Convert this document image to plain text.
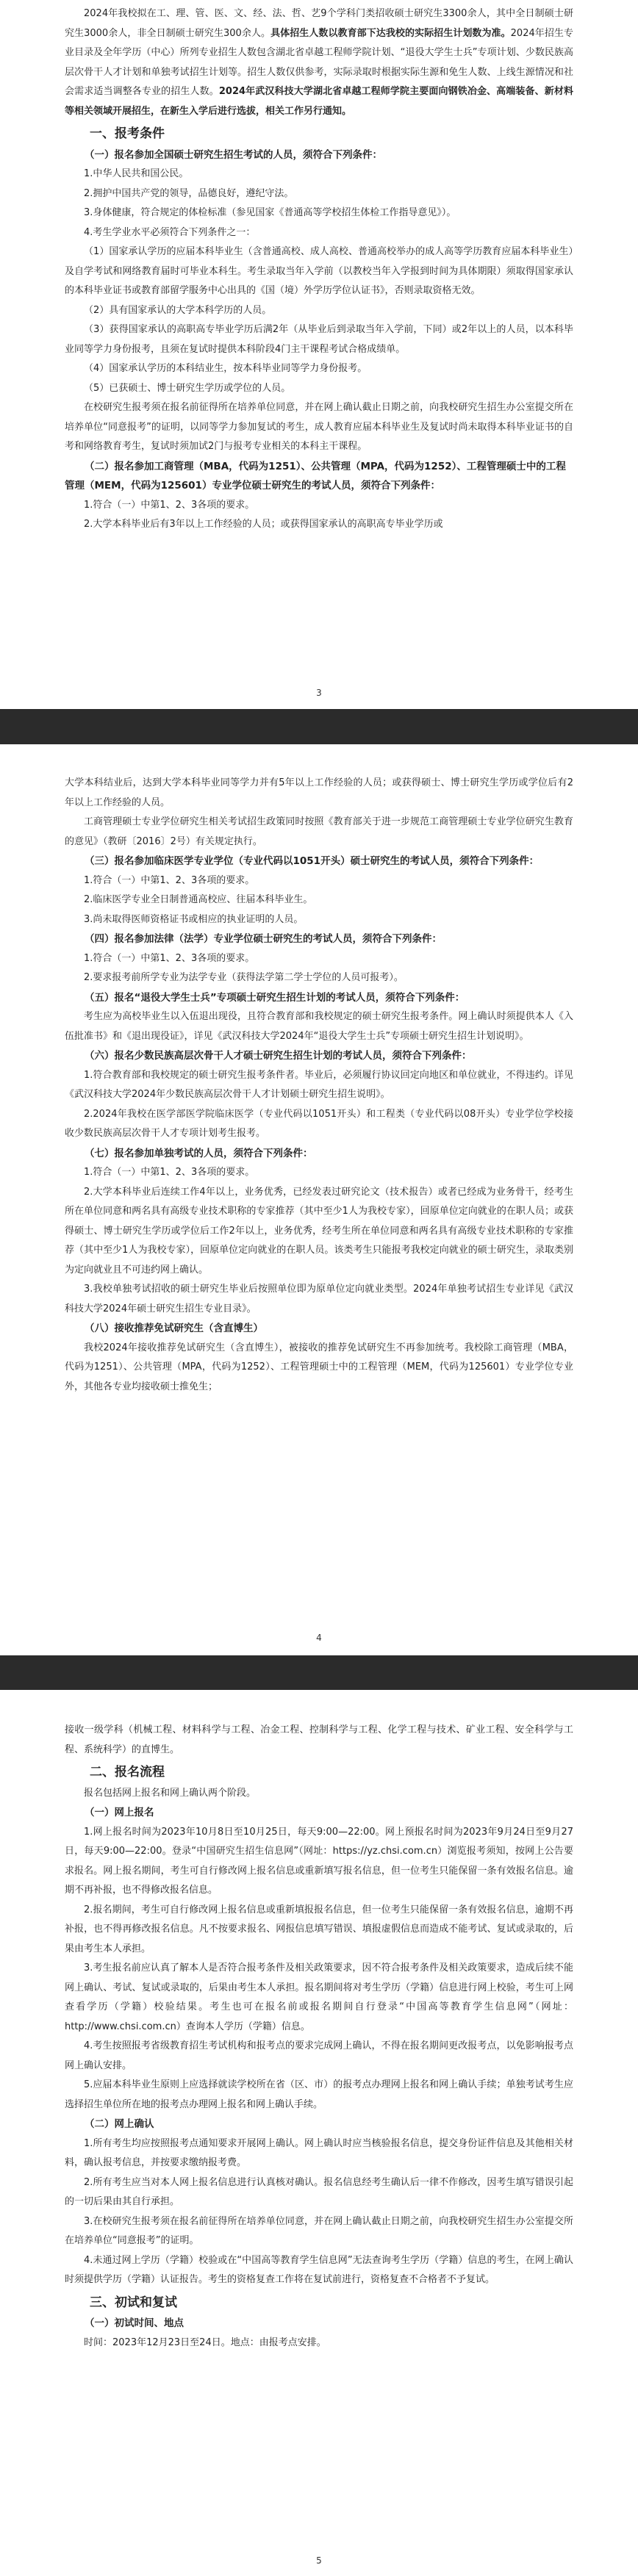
2024年我校拟在工、理、管、医、文、经、法、哲、艺9个学科门类招收硕士研究生3300余人，其中全日制硕士研究生3000余人，非全日制硕士研究生300余人。具体招生人数以教育部下达我校的实际招生计划数为准。2024年招生专业目录及全年学历（中心）所列专业招生人数包含湖北省卓越工程师学院计划、“退役大学生士兵”专项计划、少数民族高层次骨干人才计划和单独考试招生计划等。招生人数仅供参考，实际录取时根据实际生源和免生人数、上线生源情况和社会需求适当调整各专业的招生人数。2024年武汉科技大学湖北省卓越工程师学院主要面向钢铁冶金、高端装备、新材料等相关领域开展招生，在新生入学后进行选拔，相关工作另行通知。

一、报考条件
（一）报名参加全国硕士研究生招生考试的人员，须符合下列条件：

1.中华人民共和国公民。

2.拥护中国共产党的领导，品德良好，遵纪守法。

3.身体健康，符合规定的体检标准（参见国家《普通高等学校招生体检工作指导意见》）。

4.考生学业水平必须符合下列条件之一：

（1）国家承认学历的应届本科毕业生（含普通高校、成人高校、普通高校举办的成人高等学历教育应届本科毕业生）及自学考试和网络教育届时可毕业本科生。考生录取当年入学前（以教校当年入学报到时间为具体期限）须取得国家承认的本科毕业证书或教育部留学服务中心出具的《国（境）外学历学位认证书》，否则录取资格无效。

（2）具有国家承认的大学本科学历的人员。

（3）获得国家承认的高职高专毕业学历后满2年（从毕业后到录取当年入学前，下同）或2年以上的人员，以本科毕业同等学力身份报考，且须在复试时提供本科阶段4门主干课程考试合格成绩单。

（4）国家承认学历的本科结业生，按本科毕业同等学力身份报考。

（5）已获硕士、博士研究生学历或学位的人员。

在校研究生报考须在报名前征得所在培养单位同意，并在网上确认截止日期之前，向我校研究生招生办公室提交所在培养单位“同意报考”的证明，以同等学力参加复试的考生，成人教育应届本科毕业生及复试时尚未取得本科毕业证书的自考和网络教育考生，复试时须加试2门与报考专业相关的本科主干课程。

（二）报名参加工商管理（MBA，代码为1251）、公共管理（MPA，代码为1252）、工程管理硕士中的工程管理（MEM，代码为125601）专业学位硕士研究生的考试人员，须符合下列条件：

1.符合（一）中第1、2、3各项的要求。

2.大学本科毕业后有3年以上工作经验的人员；或获得国家承认的高职高专毕业学历或

3

大学本科结业后，达到大学本科毕业同等学力并有5年以上工作经验的人员；或获得硕士、博士研究生学历或学位后有2年以上工作经验的人员。

工商管理硕士专业学位研究生相关考试招生政策同时按照《教育部关于进一步规范工商管理硕士专业学位研究生教育的意见》（教研〔2016〕2号）有关规定执行。

（三）报名参加临床医学专业学位（专业代码以1051开头）硕士研究生的考试人员，须符合下列条件：

1.符合（一）中第1、2、3各项的要求。

2.临床医学专业全日制普通高校应、往届本科毕业生。

3.尚未取得医师资格证书或相应的执业证明的人员。

（四）报名参加法律（法学）专业学位硕士研究生的考试人员，须符合下列条件：

1.符合（一）中第1、2、3各项的要求。

2.要求报考前所学专业为法学专业（获得法学第二学士学位的人员可报考）。

（五）报名“退役大学生士兵”专项硕士研究生招生计划的考试人员，须符合下列条件：

考生应为高校毕业生以入伍退出现役，且符合教育部和我校规定的硕士研究生报考条件。网上确认时须提供本人《入伍批准书》和《退出现役证》，详见《武汉科技大学2024年“退役大学生士兵”专项硕士研究生招生计划说明》。

（六）报名少数民族高层次骨干人才硕士研究生招生计划的考试人员，须符合下列条件：

1.符合教育部和我校规定的硕士研究生报考条件者。毕业后，必须履行协议回定向地区和单位就业，不得违约。详见《武汉科技大学2024年少数民族高层次骨干人才计划硕士研究生招生说明》。

2.2024年我校在医学部医学院临床医学（专业代码以1051开头）和工程类（专业代码以08开头）专业学位学校接收少数民族高层次骨干人才专项计划考生报考。

（七）报名参加单独考试的人员，须符合下列条件：

1.符合（一）中第1、2、3各项的要求。

2.大学本科毕业后连续工作4年以上，业务优秀，已经发表过研究论文（技术报告）或者已经成为业务骨干，经考生所在单位同意和两名具有高级专业技术职称的专家推荐（其中至少1人为我校专家），回原单位定向就业的在职人员；或获得硕士、博士研究生学历或学位后工作2年以上，业务优秀，经考生所在单位同意和两名具有高级专业技术职称的专家推荐（其中至少1人为我校专家），回原单位定向就业的在职人员。该类考生只能报考我校定向就业的硕士研究生，录取类别为定向就业且不可违约网上确认。

3.我校单独考试招收的硕士研究生毕业后按照单位即为原单位定向就业类型。2024年单独考试招生专业详见《武汉科技大学2024年硕士研究生招生专业目录》。

（八）接收推荐免试研究生（含直博生）

我校2024年接收推荐免试研究生（含直博生），被接收的推荐免试研究生不再参加统考。我校除工商管理（MBA，代码为1251）、公共管理（MPA，代码为1252）、工程管理硕士中的工程管理（MEM，代码为125601）专业学位专业外，其他各专业均接收硕士推免生；

4

接收一级学科（机械工程、材料科学与工程、冶金工程、控制科学与工程、化学工程与技术、矿业工程、安全科学与工程、系统科学）的直博生。

二、报名流程

报名包括网上报名和网上确认两个阶段。

（一）网上报名

1.网上报名时间为2023年10月8日至10月25日，每天9:00—22:00。网上预报名时间为2023年9月24日至9月27日，每天9:00—22:00。登录“中国研究生招生信息网”（网址：https://yz.chsi.com.cn）浏览报考须知，按网上公告要求报名。网上报名期间，考生可自行修改网上报名信息或重新填写报名信息，但一位考生只能保留一条有效报名信息。逾期不再补报，也不得修改报名信息。

2.报名期间，考生可自行修改网上报名信息或重新填报报名信息，但一位考生只能保留一条有效报名信息，逾期不再补报，也不得再修改报名信息。凡不按要求报名、网报信息填写错误、填报虚假信息而造成不能考试、复试或录取的，后果由考生本人承担。

3.考生报名前应认真了解本人是否符合报考条件及相关政策要求，因不符合报考条件及相关政策要求，造成后续不能网上确认、考试、复试或录取的，后果由考生本人承担。报名期间将对考生学历（学籍）信息进行网上校验，考生可上网查看学历（学籍）校验结果。考生也可在报名前或报名期间自行登录“中国高等教育学生信息网”（网址：http://www.chsi.com.cn）查询本人学历（学籍）信息。

4.考生按照报考省级教育招生考试机构和报考点的要求完成网上确认，不得在报名期间更改报考点，以免影响报考点网上确认安排。

5.应届本科毕业生原则上应选择就读学校所在省（区、市）的报考点办理网上报名和网上确认手续；单独考试考生应选择招生单位所在地的报考点办理网上报名和网上确认手续。

（二）网上确认

1.所有考生均应按照报考点通知要求开展网上确认。网上确认时应当核验报名信息，提交身份证件信息及其他相关材料，确认报考信息，并按要求缴纳报考费。

2.所有考生应当对本人网上报名信息进行认真核对确认。报名信息经考生确认后一律不作修改，因考生填写错误引起的一切后果由其自行承担。

3.在校研究生报考须在报名前征得所在培养单位同意，并在网上确认截止日期之前，向我校研究生招生办公室提交所在培养单位“同意报考”的证明。

4.未通过网上学历（学籍）校验或在“中国高等教育学生信息网”无法查询考生学历（学籍）信息的考生，在网上确认时须提供学历（学籍）认证报告。考生的资格复查工作将在复试前进行，资格复查不合格者不予复试。

三、初试和复试
（一）初试时间、地点

时间：2023年12月23日至24日。地点：由报考点安排。

5
